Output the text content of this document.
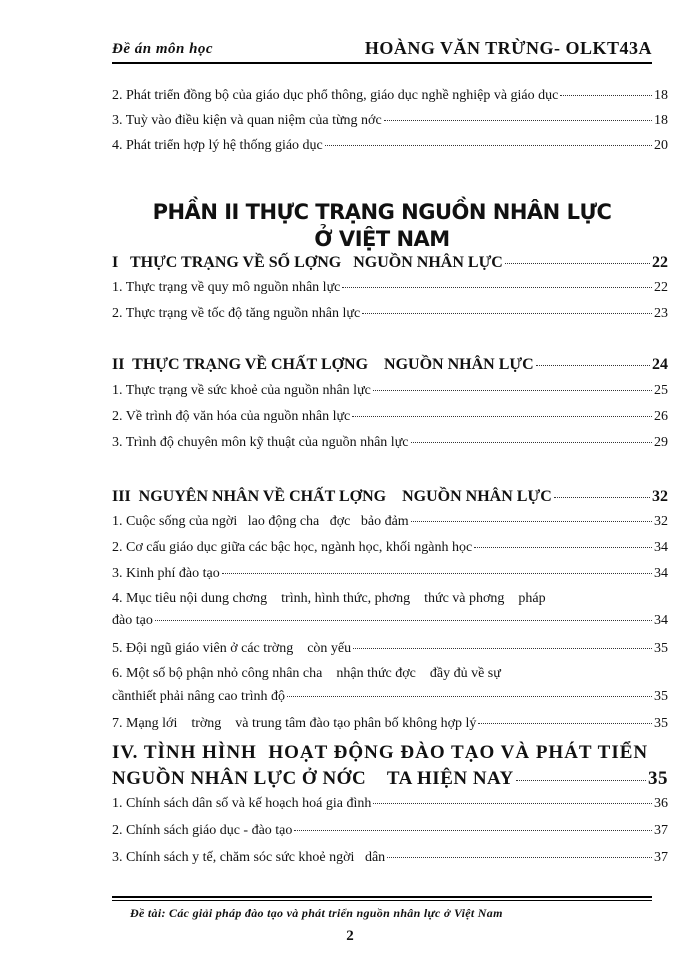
Đề án môn học	HOÀNG VĂN TRỪNG- OLKT43A
2. Phát triển đồng bộ của giáo dục phổ thông, giáo dục nghề nghiệp và giáo dục	18
3. Tuỳ vào điều kiện và quan niệm của từng nớc	18
4. Phát triển hợp lý hệ thống giáo dục	20
PHẦN II THỰC TRẠNG NGUỒN NHÂN LỰC
Ở VIỆT NAM
I   THỰC TRẠNG VỀ SỐ LỢNG   NGUỒN NHÂN LỰC	22
1. Thực trạng về quy mô nguồn nhân lực	22
2. Thực trạng về tốc độ tăng nguồn nhân lực	23
II  THỰC TRẠNG VỀ CHẤT LỢNG    NGUỒN NHÂN LỰC	24
1. Thực trạng về sức khoẻ của nguồn nhân lực	25
2. Về trình độ văn hóa của nguồn nhân lực	26
3. Trình độ chuyên môn kỹ thuật của nguồn nhân lực	29
III  NGUYÊN NHÂN VỀ CHẤT LỢNG    NGUỒN NHÂN LỰC	32
1. Cuộc sống của ngời   lao động cha   đợc   bảo đảm	32
2. Cơ cấu giáo dục giữa các bậc học, ngành học, khối ngành học	34
3. Kinh phí đào tạo	34
4. Mục tiêu nội dung chơng    trình, hình thức, phơng    thức và phơng    pháp
đào tạo	34
5. Đội ngũ giáo viên ở các trờng    còn yếu	35
6. Một số bộ phận nhỏ công nhân cha    nhận thức đợc    đầy đủ về sự
cầnthiết phải nâng cao trình độ	35
7. Mạng lới    trờng    và trung tâm đào tạo phân bố không hợp lý	35
IV. TÌNH HÌNH  HOẠT ĐỘNG ĐÀO TẠO VÀ PHÁT TIỂN
NGUỒN NHÂN LỰC Ở NỚC    TA HIỆN NAY	35
1. Chính sách dân số và kế hoạch hoá gia đình	36
2. Chính sách giáo dục - đào tạo	37
3. Chính sách y tế, chăm sóc sức khoẻ ngời   dân	37
Đề tài: Các giải pháp đào tạo và phát triển nguồn nhân lực ở Việt Nam
2
